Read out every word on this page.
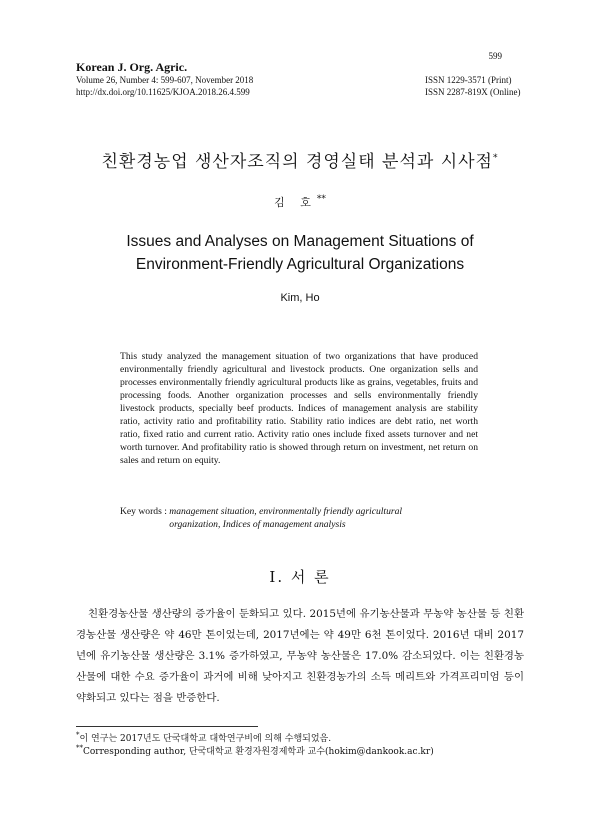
Korean J. Org. Agric.
Volume 26, Number 4: 599-607, November 2018
http://dx.doi.org/10.11625/KJOA.2018.26.4.599
599
ISSN 1229-3571 (Print)
ISSN 2287-819X (Online)
친환경농업 생산자조직의 경영실태 분석과 시사점*
김 호**
Issues and Analyses on Management Situations of
Environment-Friendly Agricultural Organizations
Kim, Ho
This study analyzed the management situation of two organizations that have produced environmentally friendly agricultural and livestock products. One organization sells and processes environmentally friendly agricultural products like as grains, vegetables, fruits and processing foods. Another organization processes and sells environmentally friendly livestock products, specially beef products. Indices of management analysis are stability ratio, activity ratio and profitability ratio. Stability ratio indices are debt ratio, net worth ratio, fixed ratio and current ratio. Activity ratio ones include fixed assets turnover and net worth turnover. And profitability ratio is showed through return on investment, net return on sales and return on equity.
Key words : management situation, environmentally friendly agricultural organization, Indices of management analysis
Ⅰ. 서 론
친환경농산물 생산량의 증가율이 둔화되고 있다. 2015년에 유기농산물과 무농약 농산물 등 친환경농산물 생산량은 약 46만 톤이었는데, 2017년에는 약 49만 6천 톤이었다. 2016년 대비 2017년에 유기농산물 생산량은 3.1% 증가하였고, 무농약 농산물은 17.0% 감소되었다. 이는 친환경농산물에 대한 수요 증가율이 과거에 비해 낮아지고 친환경농가의 소득 메리트와 가격프리미엄 등이 약화되고 있다는 점을 반증한다.
*이 연구는 2017년도 단국대학교 대학연구비에 의해 수행되었음.
**Corresponding author, 단국대학교 환경자원경제학과 교수(hokim@dankook.ac.kr)
